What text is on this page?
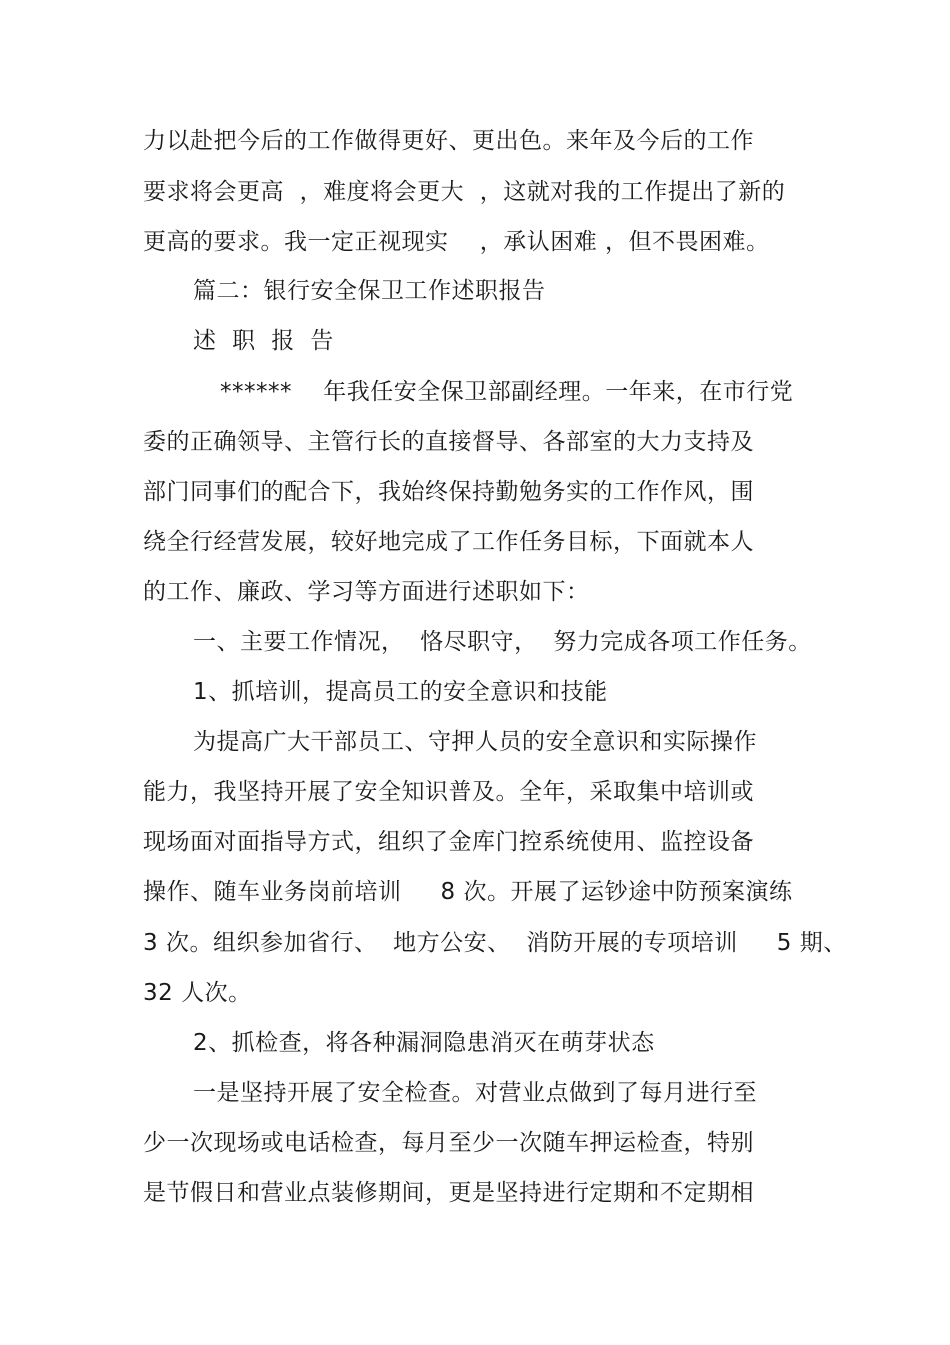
力以赴把今后的工作做得更好、更出色。来年及今后的工作
要求将会更高  ，难度将会更大  ，这就对我的工作提出了新的
更高的要求。我一定正视现实    ，承认困难 ，但不畏困难。
篇二：银行安全保卫工作述职报告
述  职  报  告
******    年我任安全保卫部副经理。一年来，在市行党
委的正确领导、主管行长的直接督导、各部室的大力支持及
部门同事们的配合下，我始终保持勤勉务实的工作作风，围
绕全行经营发展，较好地完成了工作任务目标，下面就本人
的工作、廉政、学习等方面进行述职如下：
一、主要工作情况，  恪尽职守，  努力完成各项工作任务。
1、抓培训，提高员工的安全意识和技能
为提高广大干部员工、守押人员的安全意识和实际操作
能力，我坚持开展了安全知识普及。全年，采取集中培训或
现场面对面指导方式，组织了金库门控系统使用、监控设备
操作、随车业务岗前培训     8 次。开展了运钞途中防预案演练
3 次。组织参加省行、  地方公安、  消防开展的专项培训     5 期、
32 人次。
2、抓检查，将各种漏洞隐患消灭在萌芽状态
一是坚持开展了安全检查。对营业点做到了每月进行至
少一次现场或电话检查，每月至少一次随车押运检查，特别
是节假日和营业点装修期间，更是坚持进行定期和不定期相
